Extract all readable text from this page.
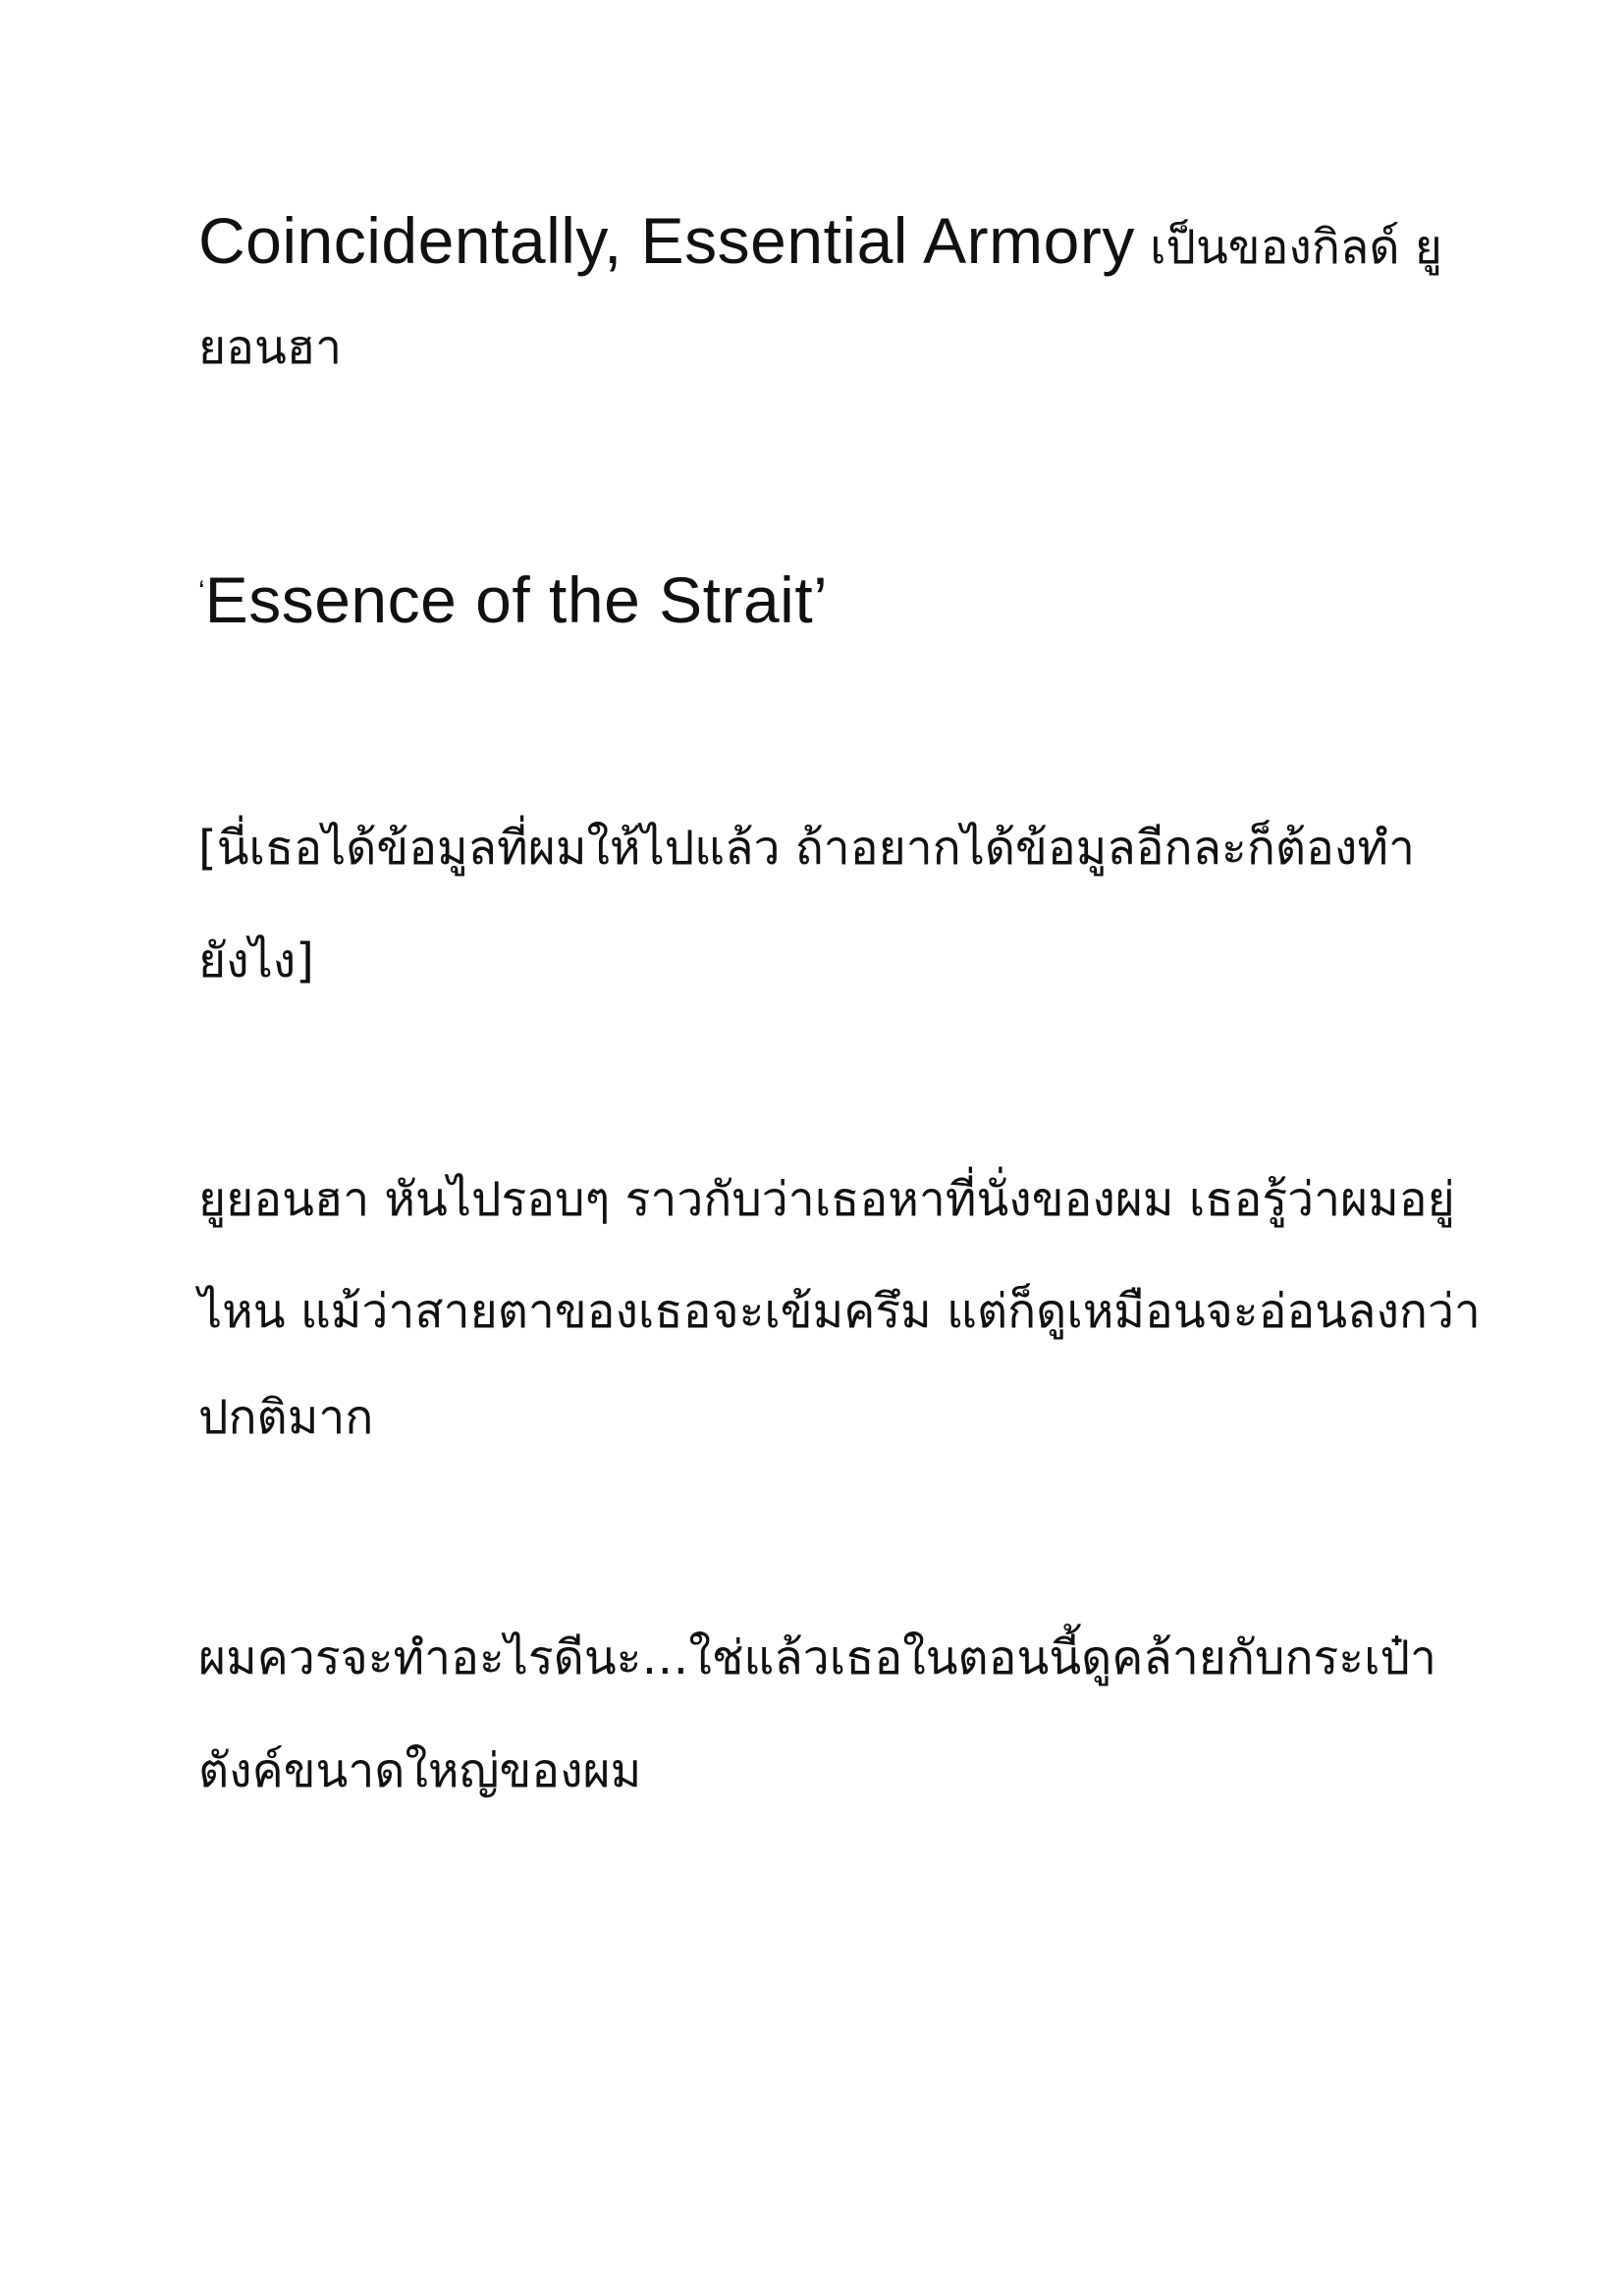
Coincidentally, Essential Armory เป็นของกิลด์ ยู
ยอนฮา
‘Essence of the Strait’
[นี่เธอได้ข้อมูลที่ผมให้ไปแล้ว ถ้าอยากได้ข้อมูลอีกละก็ต้องทำ
ยังไง]
ยูยอนฮา หันไปรอบๆ ราวกับว่าเธอหาที่นั่งของผม เธอรู้ว่าผมอยู่
ไหน แม้ว่าสายตาของเธอจะเข้มครึม แต่ก็ดูเหมือนจะอ่อนลงกว่า
ปกติมาก
ผมควรจะทำอะไรดีนะ…ใช่แล้วเธอในตอนนี้ดูคล้ายกับกระเป๋า
ตังค์ขนาดใหญ่ของผม
